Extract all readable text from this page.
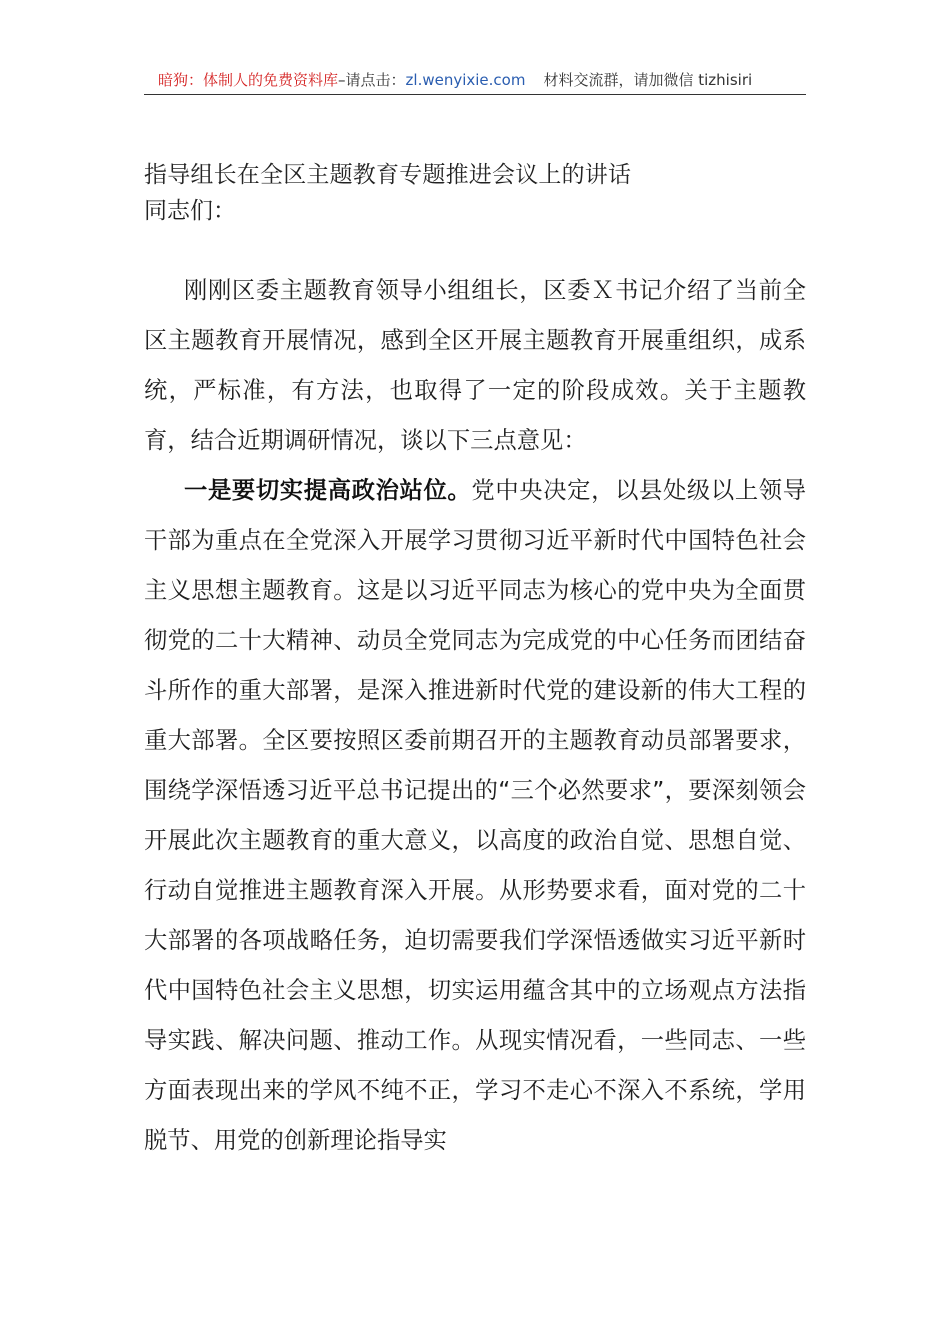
暗狗：体制人的免费资料库–请点击：zl.wenyixie.com 材料交流群，请加微信 tizhisiri
指导组长在全区主题教育专题推进会议上的讲话
同志们：

刚刚区委主题教育领导小组组长，区委Ｘ书记介绍了当前全区主题教育开展情况，感到全区开展主题教育开展重组织，成系统，严标准，有方法，也取得了一定的阶段成效。关于主题教育，结合近期调研情况，谈以下三点意见：

一是要切实提高政治站位。党中央决定，以县处级以上领导干部为重点在全党深入开展学习贯彻习近平新时代中国特色社会主义思想主题教育。这是以习近平同志为核心的党中央为全面贯彻党的二十大精神、动员全党同志为完成党的中心任务而团结奋斗所作的重大部署，是深入推进新时代党的建设新的伟大工程的重大部署。全区要按照区委前期召开的主题教育动员部署要求，围绕学深悟透习近平总书记提出的“三个必然要求”，要深刻领会开展此次主题教育的重大意义，以高度的政治自觉、思想自觉、行动自觉推进主题教育深入开展。从形势要求看，面对党的二十大部署的各项战略任务，迫切需要我们学深悟透做实习近平新时代中国特色社会主义思想，切实运用蕴含其中的立场观点方法指导实践、解决问题、推动工作。从现实情况看，一些同志、一些方面表现出来的学风不纯不正，学习不走心不深入不系统，学用脱节、用党的创新理论指导实
